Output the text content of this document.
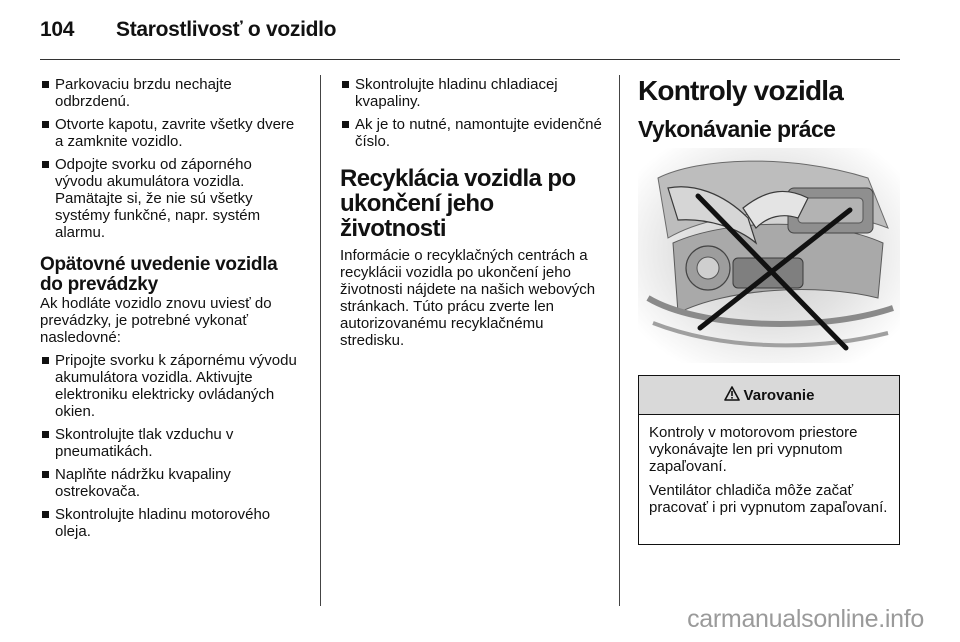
104 Starostlivosť o vozidlo
Parkovaciu brzdu nechajte odbrzdenú.
Otvorte kapotu, zavrite všetky dvere a zamknite vozidlo.
Odpojte svorku od záporného vývodu akumulátora vozidla. Pamätajte si, že nie sú všetky systémy funkčné, napr. systém alarmu.

Opätovné uvedenie vozidla do prevádzky

Ak hodláte vozidlo znovu uviesť do prevádzky, je potrebné vykonať nasledovné:

Pripojte svorku k zápornému vývodu akumulátora vozidla. Aktivujte elektroniku elektricky ovládaných okien.
Skontrolujte tlak vzduchu v pneumatikách.
Naplňte nádržku kvapaliny ostrekovača.
Skontrolujte hladinu motorového oleja.
Skontrolujte hladinu chladiacej kvapaliny.
Ak je to nutné, namontujte evidenčné číslo.

Recyklácia vozidla po ukončení jeho životnosti

Informácie o recyklačných centrách a recyklácii vozidla po ukončení jeho životnosti nájdete na našich webových stránkach. Túto prácu zverte len autorizovanému recyklačnému stredisku.

Kontroly vozidla

Vykonávanie práce

Varovanie

Kontroly v motorovom priestore vykonávajte len pri vypnutom zapaľovaní.

Ventilátor chladiča môže začať pracovať i pri vypnutom zapaľovaní.

carmanualsonline.info
